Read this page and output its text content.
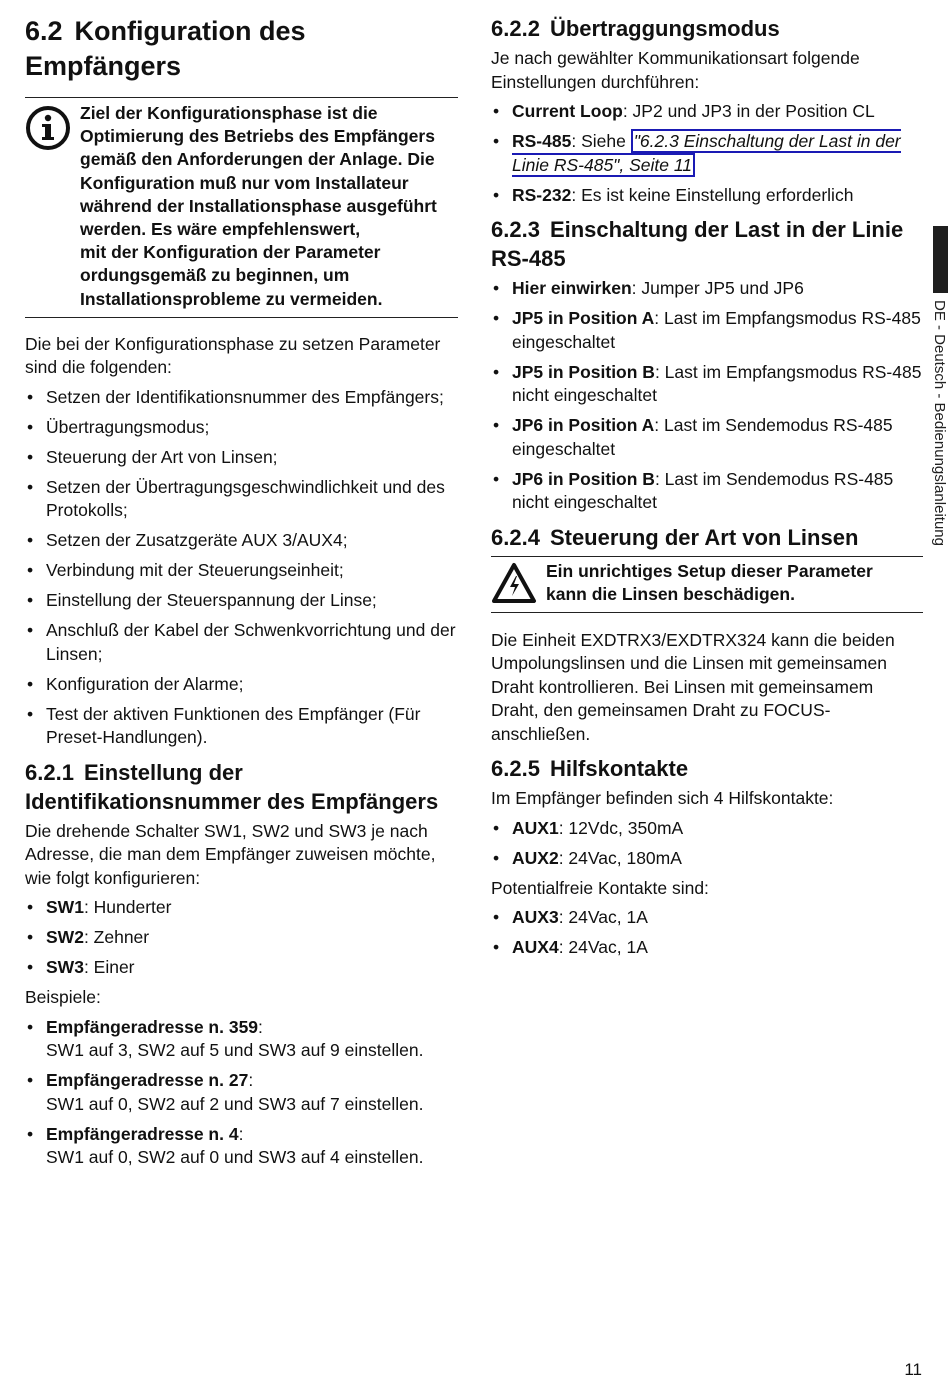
6.2 Konfiguration des
Empfängers
Ziel der Konfigurationsphase ist die
Optimierung des Betriebs des Empfängers
gemäß den Anforderungen der Anlage. Die
Konfiguration muß nur vom Installateur
während der Installationsphase ausgeführt
werden. Es wäre empfehlenswert,
mit der Konfiguration der Parameter
ordungsgemäß zu beginnen, um
Installationsprobleme zu vermeiden.

Die bei der Konfigurationsphase zu setzen Parameter sind die folgenden:

• Setzen der Identifikationsnummer des Empfängers;
• Übertragungsmodus;
• Steuerung der Art von Linsen;
• Setzen der Übertragungsgeschwindlichkeit und des Protokolls;
• Setzen der Zusatzgeräte AUX 3/AUX4;
• Verbindung mit der Steuerungseinheit;
• Einstellung der Steuerspannung der Linse;
• Anschluß der Kabel der Schwenkvorrichtung und der Linsen;
• Konfiguration der Alarme;
• Test der aktiven Funktionen des Empfänger (Für Preset-Handlungen).
6.2.1 Einstellung der
Identifikationsnummer des Empfängers

Die drehende Schalter SW1, SW2 und SW3 je nach Adresse, die man dem Empfänger zuweisen möchte, wie folgt konfigurieren:

• SW1: Hunderter
• SW2: Zehner
• SW3: Einer

Beispiele:

• Empfängeradresse n. 359:
SW1 auf 3, SW2 auf 5 und SW3 auf 9 einstellen.
• Empfängeradresse n. 27:
SW1 auf 0, SW2 auf 2 und SW3 auf 7 einstellen.
• Empfängeradresse n. 4:
SW1 auf 0, SW2 auf 0 und SW3 auf 4 einstellen.
6.2.2 Übertraggungsmodus

Je nach gewählter Kommunikationsart folgende Einstellungen durchführen:

• Current Loop: JP2 und JP3 in der Position CL
• RS-485: Siehe "6.2.3 Einschaltung der Last in der Linie RS-485", Seite 11
• RS-232: Es ist keine Einstellung erforderlich
6.2.3 Einschaltung der Last in der Linie RS-485
• Hier einwirken: Jumper JP5 und JP6
• JP5 in Position A: Last im Empfangsmodus RS-485 eingeschaltet
• JP5 in Position B: Last im Empfangsmodus RS-485 nicht eingeschaltet
• JP6 in Position A: Last im Sendemodus RS-485 eingeschaltet
• JP6 in Position B: Last im Sendemodus RS-485 nicht eingeschaltet
6.2.4 Steuerung der Art von Linsen
Ein unrichtiges Setup dieser Parameter
kann die Linsen beschädigen.

Die Einheit EXDTRX3/EXDTRX324 kann die beiden Umpolungslinsen und die Linsen mit gemeinsamen Draht kontrollieren. Bei Linsen mit gemeinsamem Draht, den gemeinsamen Draht zu FOCUS- anschließen.

6.2.5 Hilfskontakte

Im Empfänger befinden sich 4 Hilfskontakte:

• AUX1: 12Vdc, 350mA
• AUX2: 24Vac, 180mA

Potentialfreie Kontakte sind:

• AUX3: 24Vac, 1A
• AUX4: 24Vac, 1A
DE - Deutsch - Bedienungslanleitung
11
